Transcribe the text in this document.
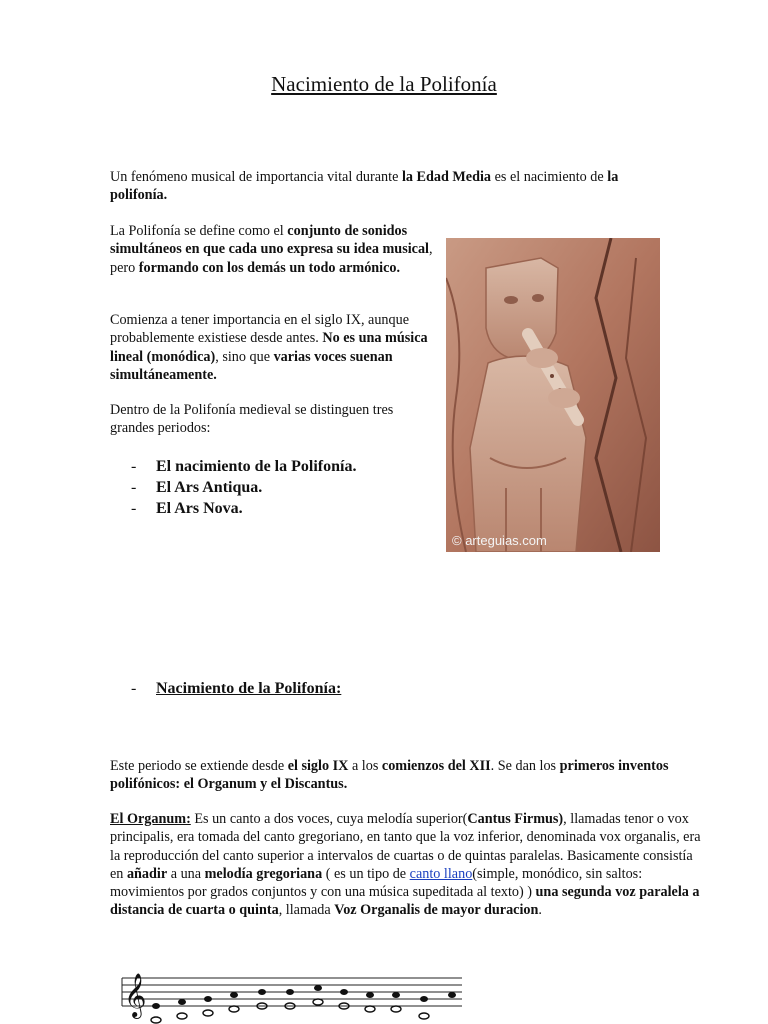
Nacimiento de la Polifonía

Un fenómeno musical de importancia vital durante la Edad Media es el nacimiento de la polifonía.

La Polifonía se define como el conjunto de sonidos simultáneos en que cada uno expresa su idea musical, pero formando con los demás un todo armónico.

Comienza a tener importancia en el siglo IX, aunque probablemente existiese desde antes. No es una música lineal (monódica), sino que varias voces suenan simultáneamente.

Dentro de la Polifonía medieval se distinguen tres grandes periodos:

-	El nacimiento de la Polifonía.
-	El Ars Antiqua.
-	El Ars Nova.
© arteguias.com
-	Nacimiento de la Polifonía:

Este periodo se extiende desde el siglo IX a los comienzos del XII. Se dan los primeros inventos polifónicos: el Organum y el Discantus.

El Organum: Es un canto a dos voces, cuya melodía superior(Cantus Firmus), llamadas tenor o vox principalis, era tomada del canto gregoriano, en tanto que la voz inferior, denominada vox organalis, era la reproducción del canto superior a intervalos de cuartas o de quintas paralelas. Basicamente consistía en añadir a una melodía gregoriana ( es un tipo de canto llano(simple, monódico, sin saltos: movimientos por grados conjuntos y con una música supeditada al texto) ) una segunda voz paralela a distancia de cuarta o quinta, llamada Voz Organalis de mayor duracion.

𝄞
